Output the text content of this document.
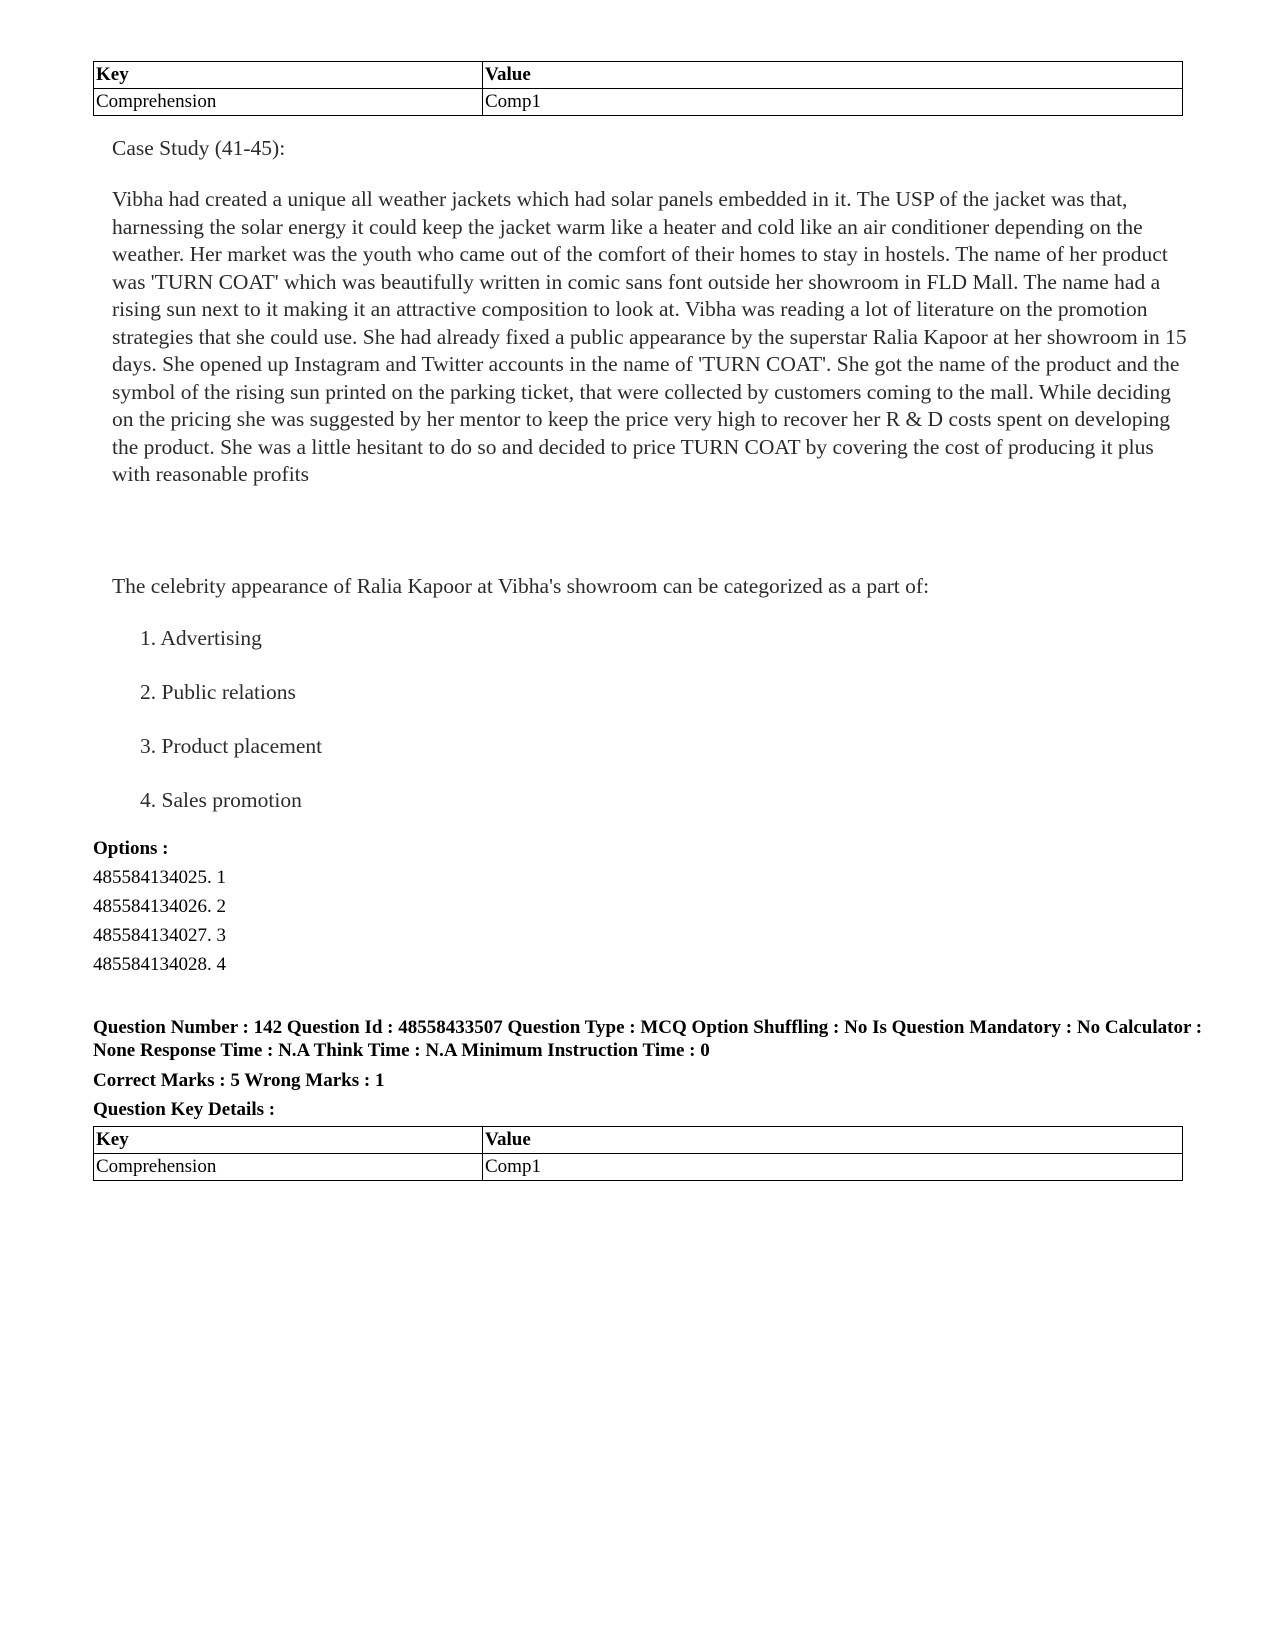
Key	Value
Comprehension	Comp1
Case Study (41-45):
Vibha had created a unique all weather jackets which had solar panels embedded in it. The USP of the jacket was that, harnessing the solar energy it could keep the jacket warm like a heater and cold like an air conditioner depending on the weather. Her market was the youth who came out of the comfort of their homes to stay in hostels. The name of her product was 'TURN COAT' which was beautifully written in comic sans font outside her showroom in FLD Mall. The name had a rising sun next to it making it an attractive composition to look at. Vibha was reading a lot of literature on the promotion strategies that she could use. She had already fixed a public appearance by the superstar Ralia Kapoor at her showroom in 15 days. She opened up Instagram and Twitter accounts in the name of 'TURN COAT'. She got the name of the product and the symbol of the rising sun printed on the parking ticket, that were collected by customers coming to the mall. While deciding on the pricing she was suggested by her mentor to keep the price very high to recover her R & D costs spent on developing the product. She was a little hesitant to do so and decided to price TURN COAT by covering the cost of producing it plus with reasonable profits
The celebrity appearance of Ralia Kapoor at Vibha's showroom can be categorized as a part of:
1. Advertising
2. Public relations
3. Product placement
4. Sales promotion
Options :
485584134025. 1
485584134026. 2
485584134027. 3
485584134028. 4
Question Number : 142 Question Id : 48558433507 Question Type : MCQ Option Shuffling : No Is Question Mandatory : No Calculator : None Response Time : N.A Think Time : N.A Minimum Instruction Time : 0
Correct Marks : 5 Wrong Marks : 1
Question Key Details :
Key	Value
Comprehension	Comp1
